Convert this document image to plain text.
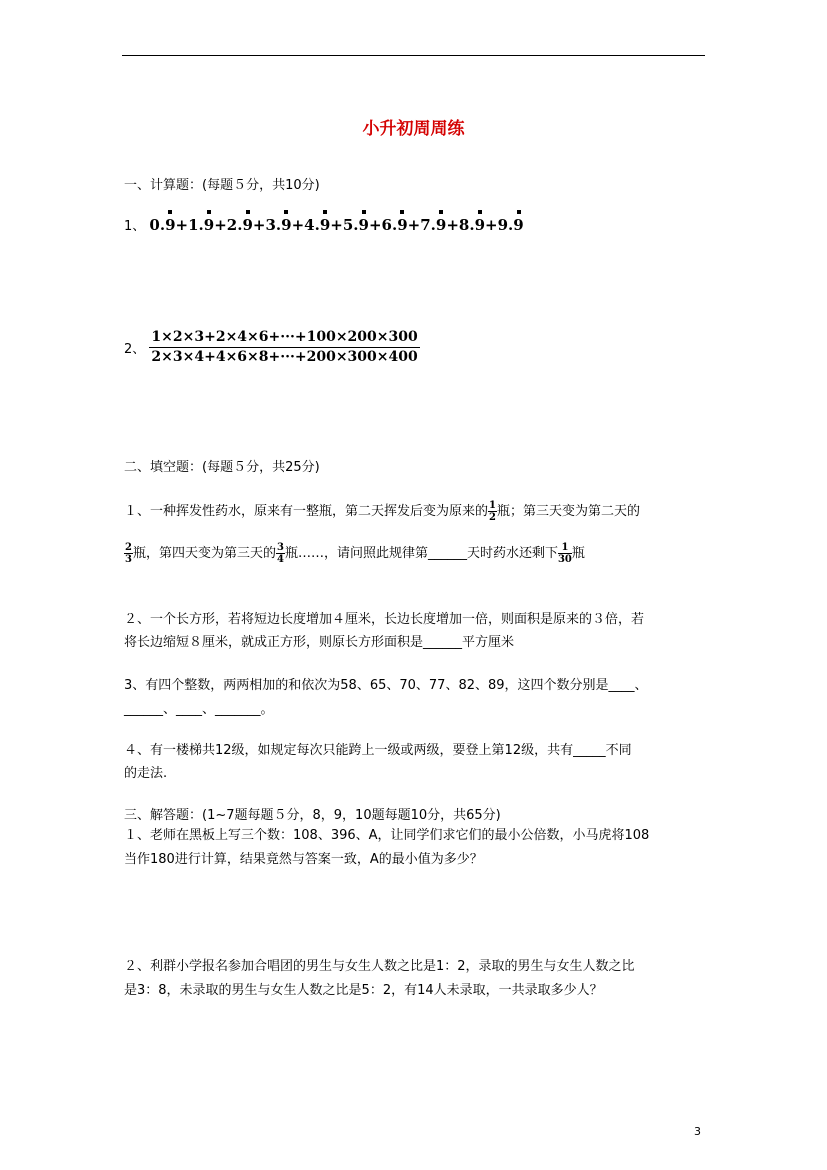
小升初周周练
一、计算题：(每题５分，共10分)
1、 0.9+1.9+2.9+3.9+4.9+5.9+6.9+7.9+8.9+9.9
2、 $\frac{1\times 2\times 3+2\times 4\times 6+\cdot\cdot\cdot+100\times 200\times 300}{2\times 3\times 4+4\times 6\times 8+\cdot\cdot\cdot+200\times 300\times 400}$
二、填空题：(每题５分，共25分)
１、一种挥发性药水，原来有一整瓶，第二天挥发后变为原来的 $\frac{1}{2}$ 瓶；第三天变为第二天的
$\frac{2}{3}$ 瓶，第四天变为第三天的 $\frac{3}{4}$ 瓶……，请问照此规律第______天时药水还剩下 $\frac{1}{30}$ 瓶
２、一个长方形，若将短边长度增加４厘米，长边长度增加一倍，则面积是原来的３倍，若
将长边缩短８厘米，就成正方形，则原长方形面积是______平方厘米
3、有四个整数，两两相加的和依次为58、65、70、77、82、89，这四个数分别是____、
______、____、_______。
４、有一楼梯共12级，如规定每次只能跨上一级或两级，要登上第12级，共有_____不同
的走法.
三、解答题：(1~7题每题５分，8，9，10题每题10分，共65分)
１、老师在黑板上写三个数：108、396、A，让同学们求它们的最小公倍数，小马虎将108
当作180进行计算，结果竟然与答案一致，A的最小值为多少？
２、利群小学报名参加合唱团的男生与女生人数之比是1：2，录取的男生与女生人数之比
是3：8，未录取的男生与女生人数之比是5：2，有14人未录取，一共录取多少人？
3
